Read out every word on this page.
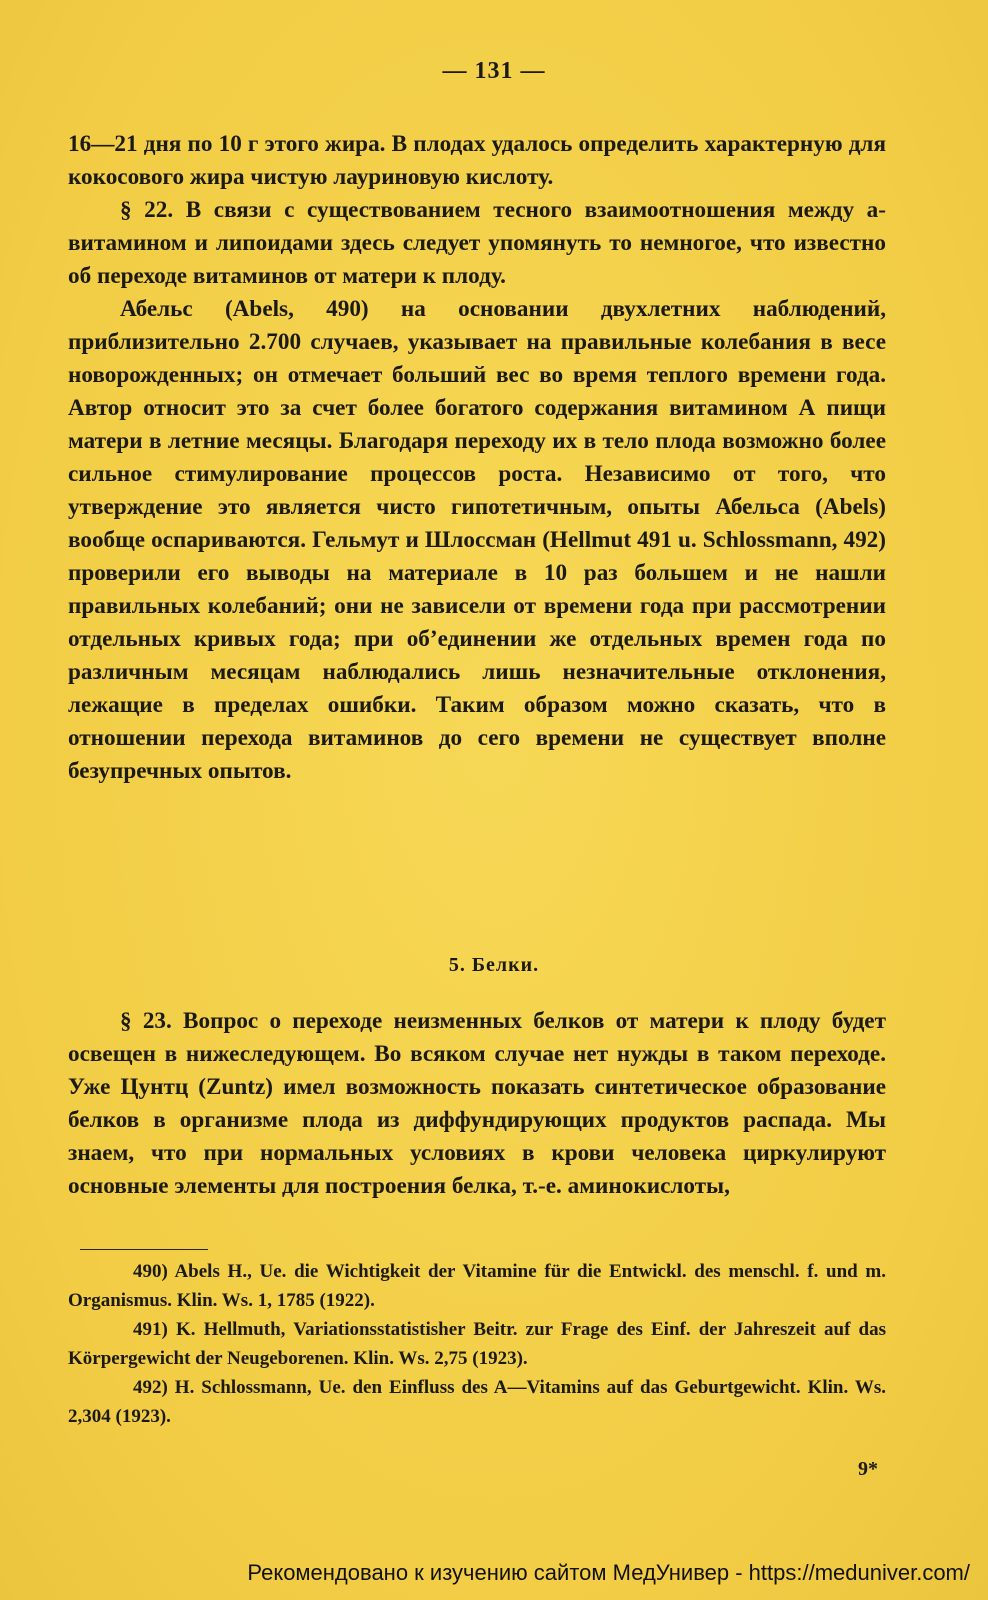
— 131 —

16—21 дня по 10 г этого жира. В плодах удалось определить характерную для кокосового жира чистую лауриновую кислоту.

§ 22. В связи с существованием тесного взаимоотношения между а-витамином и липоидами здесь следует упомянуть то немногое, что известно об переходе витаминов от матери к плоду.

Абельс (Abels, 490) на основании двухлетних наблюдений, приблизительно 2.700 случаев, указывает на правильные колебания в весе новорожденных; он отмечает больший вес во время теплого времени года. Автор относит это за счет более богатого содержания витамином А пищи матери в летние месяцы. Благодаря переходу их в тело плода возможно более сильное стимулирование процессов роста. Независимо от того, что утверждение это является чисто гипотетичным, опыты Абельса (Abels) вообще оспариваются. Гельмут и Шлоссман (Hellmut 491 u. Schlossmann, 492) проверили его выводы на материале в 10 раз большем и не нашли правильных колебаний; они не зависели от времени года при рассмотрении отдельных кривых года; при об’единении же отдельных времен года по различным месяцам наблюдались лишь незначительные отклонения, лежащие в пределах ошибки. Таким образом можно сказать, что в отношении перехода витаминов до сего времени не существует вполне безупречных опытов.

5. Белки.

§ 23. Вопрос о переходе неизменных белков от матери к плоду будет освещен в нижеследующем. Во всяком случае нет нужды в таком переходе. Уже Цунтц (Zuntz) имел возможность показать синтетическое образование белков в организме плода из диффундирующих продуктов распада. Мы знаем, что при нормальных условиях в крови человека циркулируют основные элементы для построения белка, т.-е. аминокислоты,

490) Abels H., Ue. die Wichtigkeit der Vitamine für die Entwickl. des menschl. f. und m. Organismus. Klin. Ws. 1, 1785 (1922).

491) K. Hellmuth, Variationsstatistisher Beitr. zur Frage des Einf. der Jahreszeit auf das Körpergewicht der Neugeborenen. Klin. Ws. 2,75 (1923).

492) H. Schlossmann, Ue. den Einfluss des A—Vitamins auf das Geburtgewicht. Klin. Ws. 2,304 (1923).

9*
Рекомендовано к изучению сайтом МедУнивер - https://meduniver.com/
